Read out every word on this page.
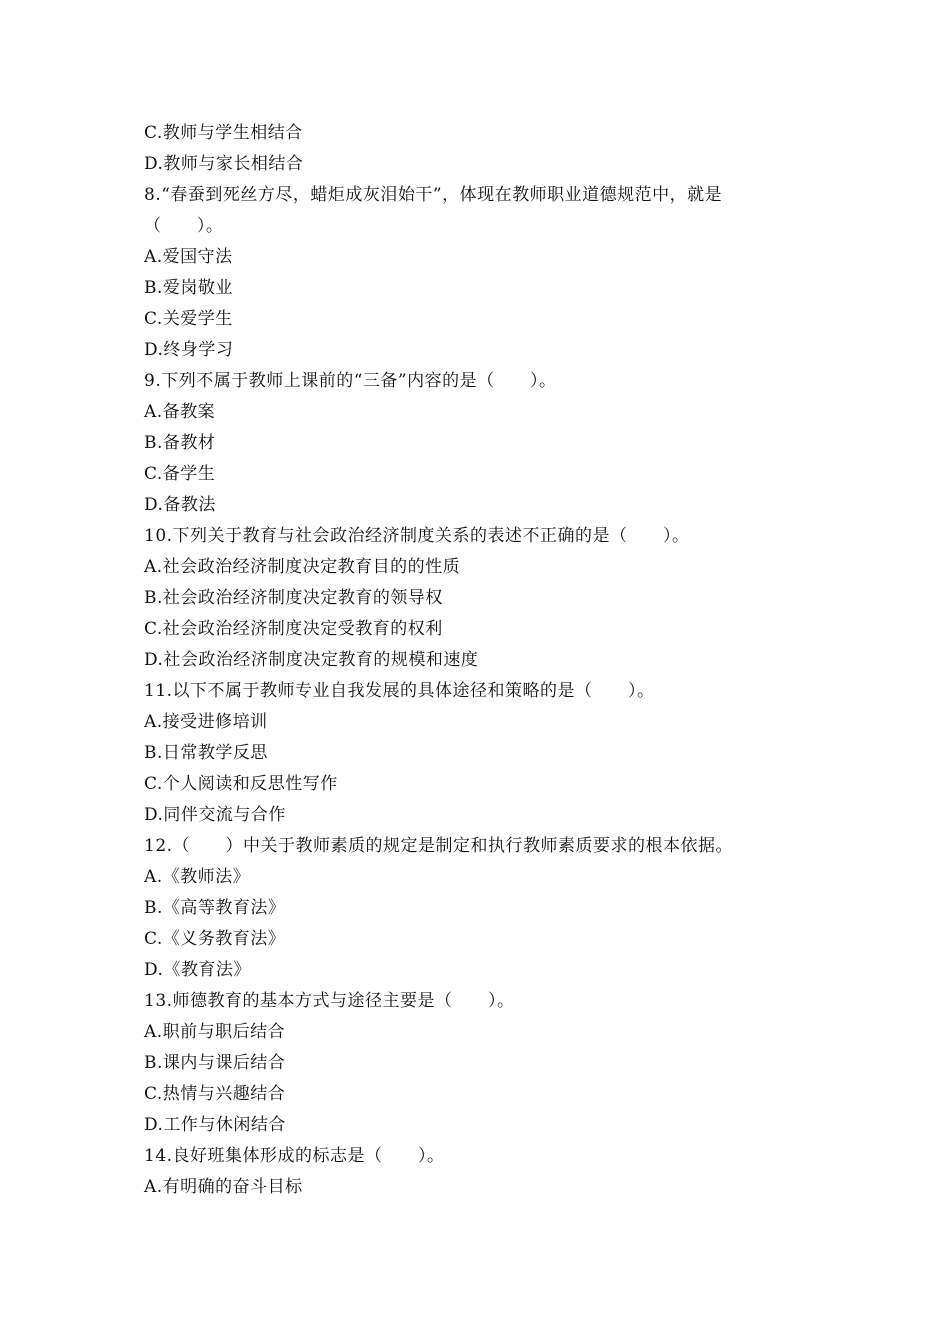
C.教师与学生相结合
D.教师与家长相结合
8.“春蚕到死丝方尽，蜡炬成灰泪始干”，体现在教师职业道德规范中，就是
（      ）。
A.爱国守法
B.爱岗敬业
C.关爱学生
D.终身学习
9.下列不属于教师上课前的“三备”内容的是（      ）。
A.备教案
B.备教材
C.备学生
D.备教法
10.下列关于教育与社会政治经济制度关系的表述不正确的是（      ）。
A.社会政治经济制度决定教育目的的性质
B.社会政治经济制度决定教育的领导权
C.社会政治经济制度决定受教育的权利
D.社会政治经济制度决定教育的规模和速度
11.以下不属于教师专业自我发展的具体途径和策略的是（      ）。
A.接受进修培训
B.日常教学反思
C.个人阅读和反思性写作
D.同伴交流与合作
12.（      ）中关于教师素质的规定是制定和执行教师素质要求的根本依据。
A.《教师法》
B.《高等教育法》
C.《义务教育法》
D.《教育法》
13.师德教育的基本方式与途径主要是（      ）。
A.职前与职后结合
B.课内与课后结合
C.热情与兴趣结合
D.工作与休闲结合
14.良好班集体形成的标志是（      ）。
A.有明确的奋斗目标
